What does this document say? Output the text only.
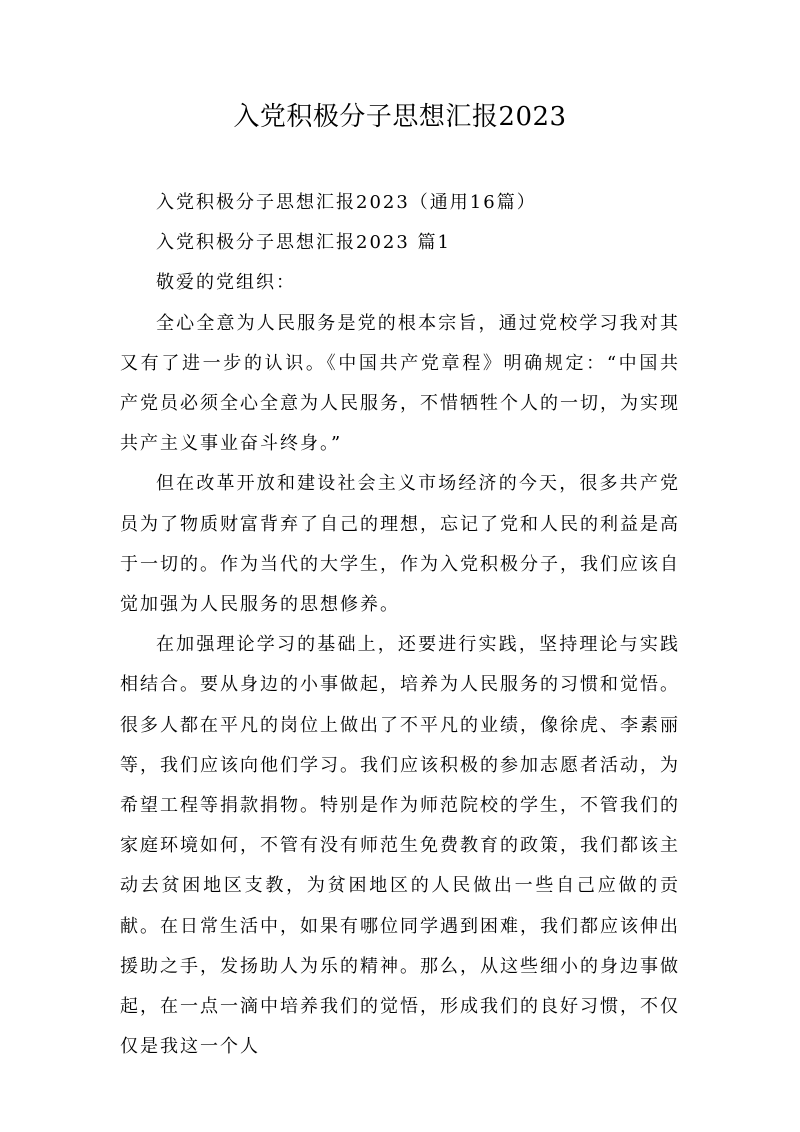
入党积极分子思想汇报2023

入党积极分子思想汇报2023（通用16篇）

入党积极分子思想汇报2023 篇1

敬爱的党组织：

全心全意为人民服务是党的根本宗旨，通过党校学习我对其又有了进一步的认识。《中国共产党章程》明确规定：“中国共产党员必须全心全意为人民服务，不惜牺牲个人的一切，为实现共产主义事业奋斗终身。”

但在改革开放和建设社会主义市场经济的今天，很多共产党员为了物质财富背弃了自己的理想，忘记了党和人民的利益是高于一切的。作为当代的大学生，作为入党积极分子，我们应该自觉加强为人民服务的思想修养。

在加强理论学习的基础上，还要进行实践，坚持理论与实践相结合。要从身边的小事做起，培养为人民服务的习惯和觉悟。很多人都在平凡的岗位上做出了不平凡的业绩，像徐虎、李素丽等，我们应该向他们学习。我们应该积极的参加志愿者活动，为希望工程等捐款捐物。特别是作为师范院校的学生，不管我们的家庭环境如何，不管有没有师范生免费教育的政策，我们都该主动去贫困地区支教，为贫困地区的人民做出一些自己应做的贡献。在日常生活中，如果有哪位同学遇到困难，我们都应该伸出援助之手，发扬助人为乐的精神。那么，从这些细小的身边事做起，在一点一滴中培养我们的觉悟，形成我们的良好习惯，不仅仅是我这一个人
